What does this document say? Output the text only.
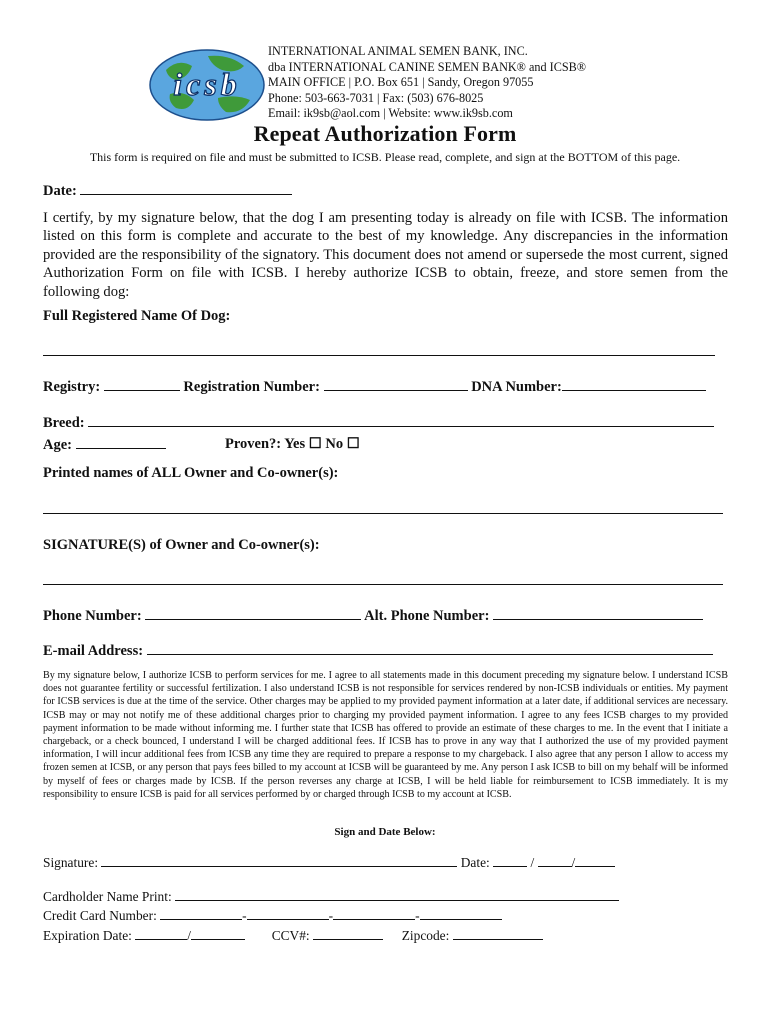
icsb
INTERNATIONAL ANIMAL SEMEN BANK, INC.
dba INTERNATIONAL CANINE SEMEN BANK® and ICSB®
MAIN OFFICE | P.O. Box 651 | Sandy, Oregon 97055
Phone: 503-663-7031 | Fax: (503) 676-8025
Email: ik9sb@aol.com | Website: www.ik9sb.com
Repeat Authorization Form
This form is required on file and must be submitted to ICSB. Please read, complete, and sign at the BOTTOM of this page.
Date:
I certify, by my signature below, that the dog I am presenting today is already on file with ICSB. The information listed on this form is complete and accurate to the best of my knowledge. Any discrepancies in the information provided are the responsibility of the signatory. This document does not amend or supersede the most current, signed Authorization Form on file with ICSB. I hereby authorize ICSB to obtain, freeze, and store semen from the following dog:
Full Registered Name Of Dog:
Registry:	Registration Number:	DNA Number:
Breed:
Age:	Proven?: Yes ☐ No ☐
Printed names of ALL Owner and Co-owner(s):
SIGNATURE(S) of Owner and Co-owner(s):
Phone Number:	Alt. Phone Number:
E-mail Address:
By my signature below, I authorize ICSB to perform services for me. I agree to all statements made in this document preceding my signature below. I understand ICSB does not guarantee fertility or successful fertilization. I also understand ICSB is not responsible for services rendered by non-ICSB individuals or entities. My payment for ICSB services is due at the time of the service. Other charges may be applied to my provided payment information at a later date, if additional services are necessary. ICSB may or may not notify me of these additional charges prior to charging my provided payment information. I agree to any fees ICSB charges to my provided payment information to be made without informing me. I further state that ICSB has offered to provide an estimate of these charges to me. In the event that I initiate a chargeback, or a check bounced, I understand I will be charged additional fees. If ICSB has to prove in any way that I authorized the use of my provided payment information, I will incur additional fees from ICSB any time they are required to prepare a response to my chargeback. I also agree that any person I allow to access my frozen semen at ICSB, or any person that pays fees billed to my account at ICSB will be guaranteed by me. Any person I ask ICSB to bill on my behalf will be informed by myself of fees or charges made by ICSB. If the person reverses any charge at ICSB, I will be held liable for reimbursement to ICSB immediately. It is my responsibility to ensure ICSB is paid for all services performed by or charged through ICSB to my account at ICSB.
Sign and Date Below:
Signature:	Date:	/	/
Cardholder Name Print:
Credit Card Number:	-	-	-
Expiration Date:	/	CCV#:	Zipcode:
